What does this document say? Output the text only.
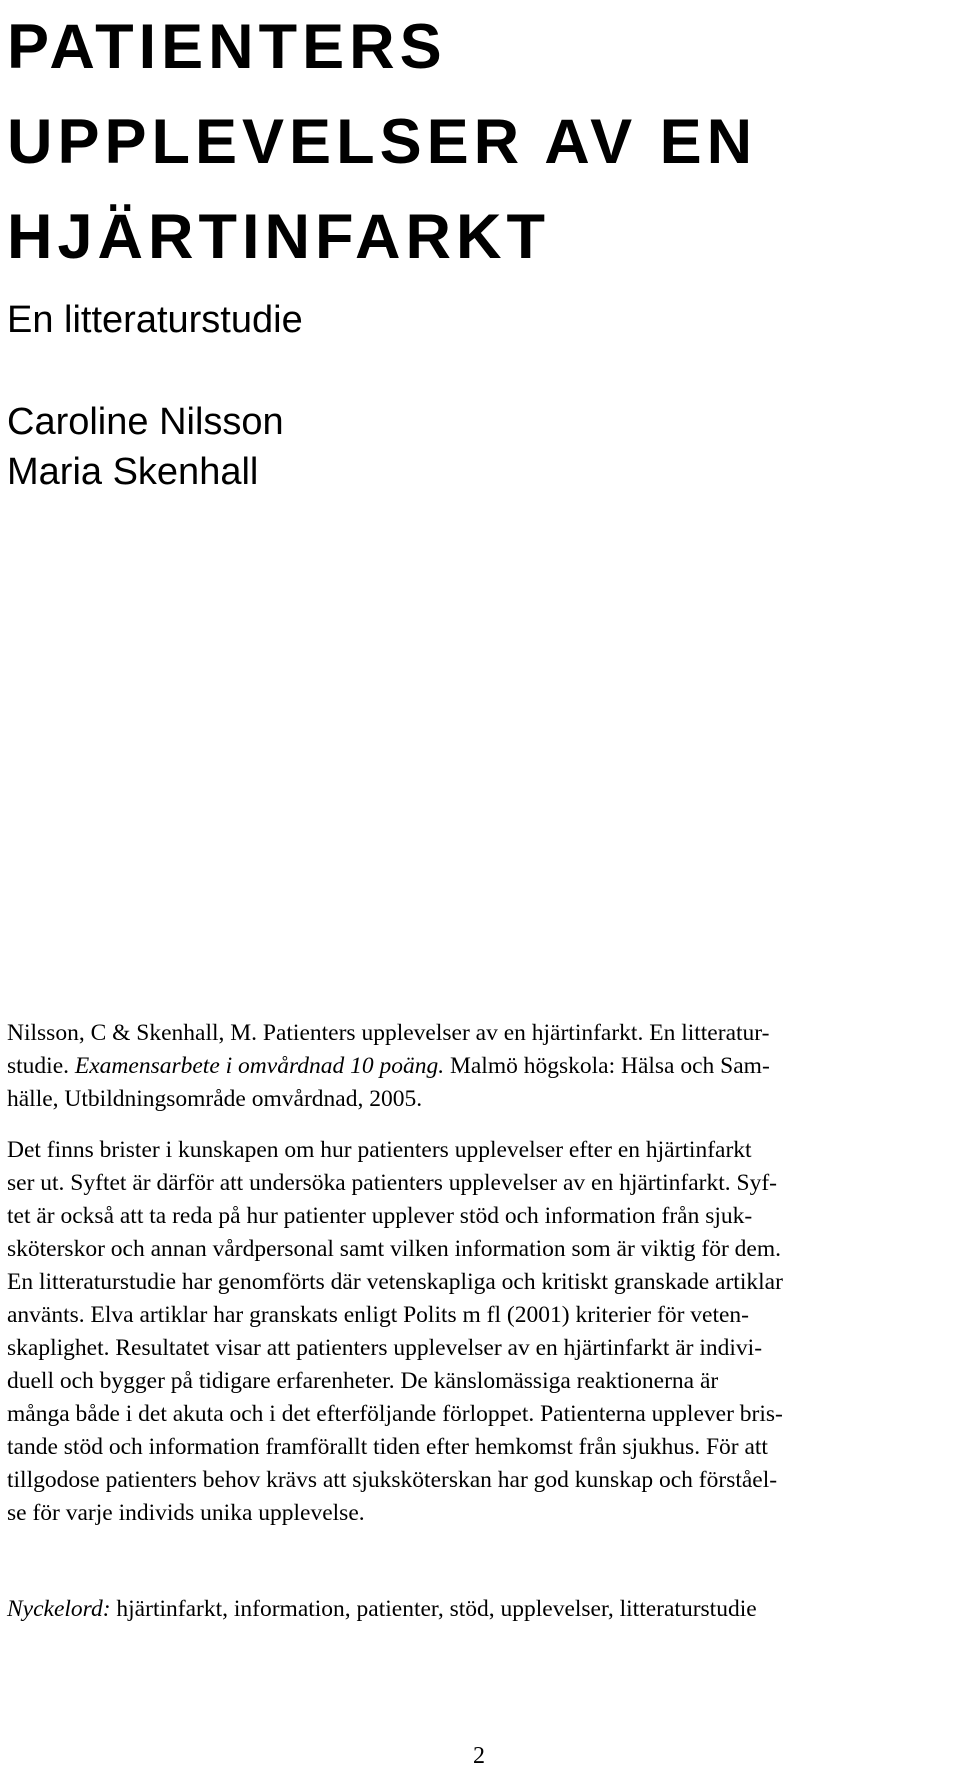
PATIENTERS
UPPLEVELSER AV EN
HJÄRTINFARKT
En litteraturstudie
Caroline Nilsson
Maria Skenhall

Nilsson, C & Skenhall, M. Patienters upplevelser av en hjärtinfarkt. En litteratur-

studie. Examensarbete i omvårdnad 10 poäng. Malmö högskola: Hälsa och Sam-

hälle, Utbildningsområde omvårdnad, 2005.

Det finns brister i kunskapen om hur patienters upplevelser efter en hjärtinfarkt

ser ut. Syftet är därför att undersöka patienters upplevelser av en hjärtinfarkt. Syf-

tet är också att ta reda på hur patienter upplever stöd och information från sjuk-

sköterskor och annan vårdpersonal samt vilken information som är viktig för dem.

En litteraturstudie har genomförts där vetenskapliga och kritiskt granskade artiklar

använts. Elva artiklar har granskats enligt Polits m fl (2001) kriterier för veten-

skaplighet. Resultatet visar att patienters upplevelser av en hjärtinfarkt är indivi-

duell och bygger på tidigare erfarenheter. De känslomässiga reaktionerna är

många både i det akuta och i det efterföljande förloppet. Patienterna upplever bris-

tande stöd och information framförallt tiden efter hemkomst från sjukhus. För att

tillgodose patienters behov krävs att sjuksköterskan har god kunskap och förståel-

se för varje individs unika upplevelse.

Nyckelord: hjärtinfarkt, information, patienter, stöd, upplevelser, litteraturstudie

2
